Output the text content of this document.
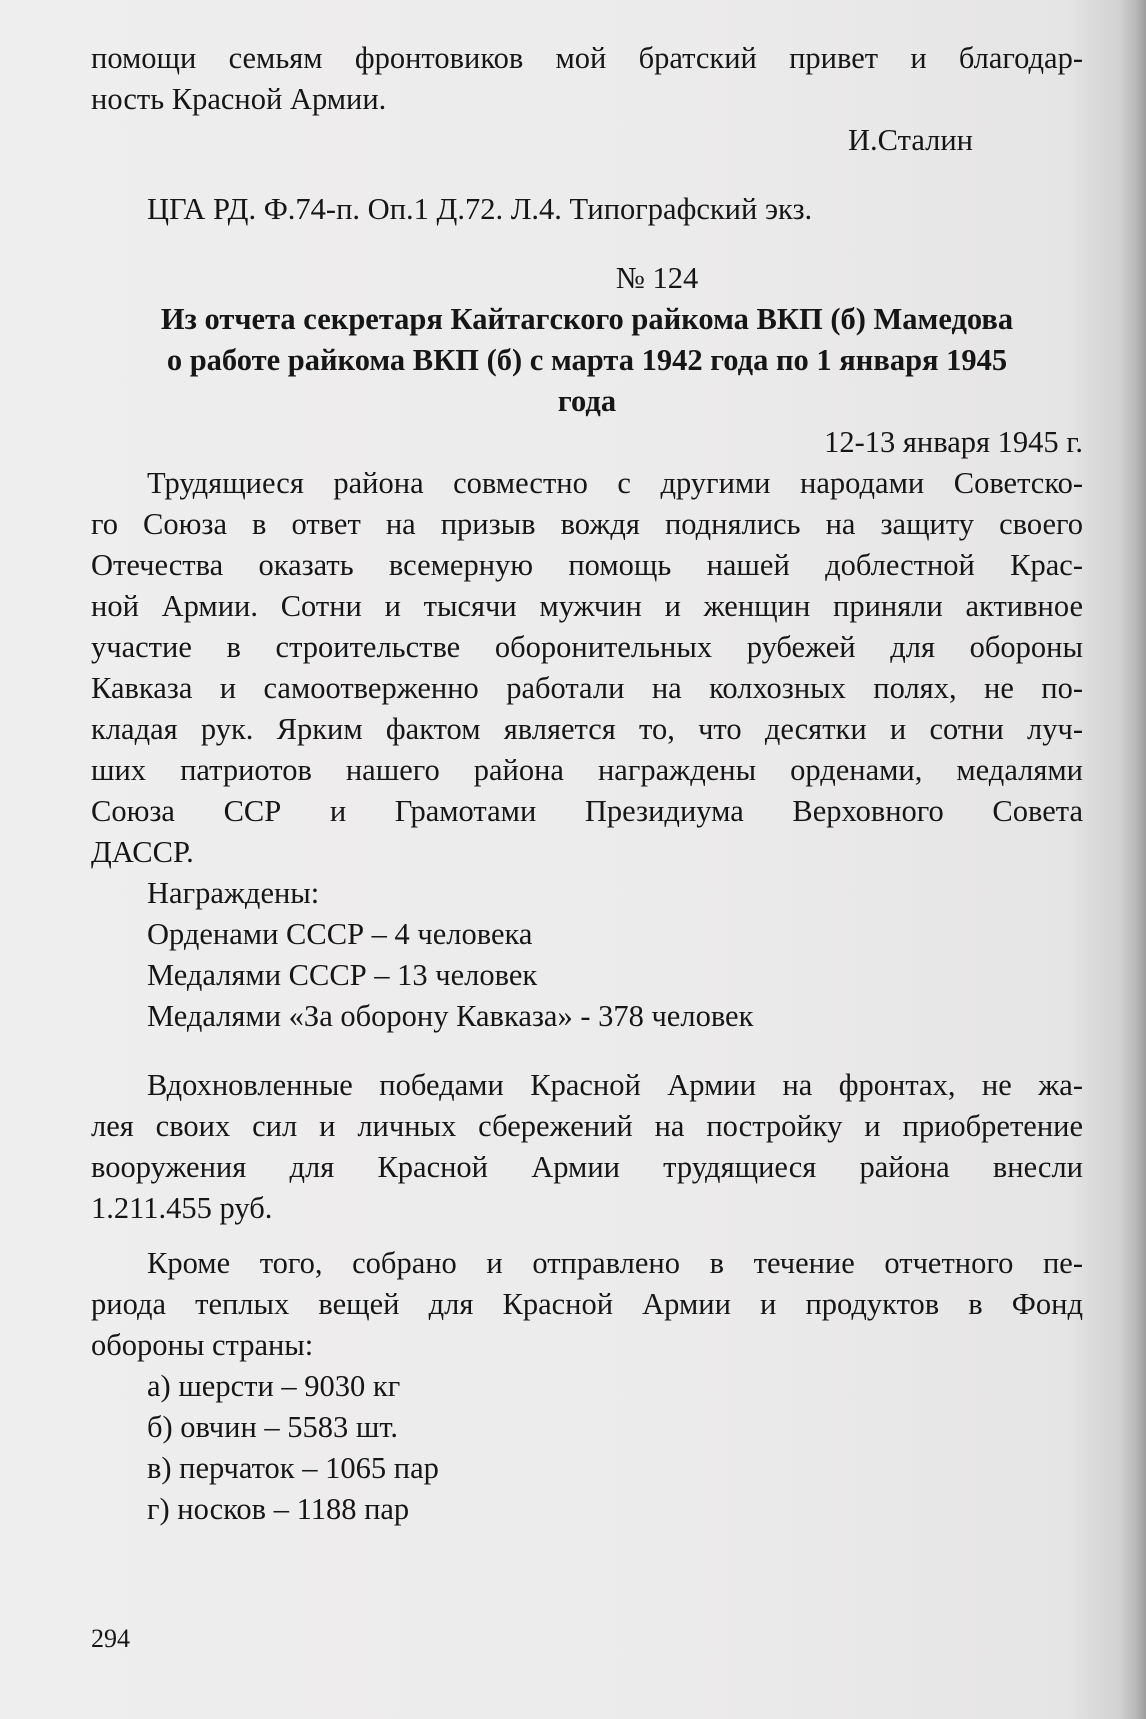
помощи семьям фронтовиков мой братский привет и благодар-
ность Красной Армии.
И.Сталин
ЦГА РД. Ф.74-п. Оп.1 Д.72. Л.4. Типографский экз.
№ 124
Из отчета секретаря Кайтагского райкома ВКП (б) Мамедова
о работе райкома ВКП (б) с марта 1942 года по 1 января 1945
года
12-13 января 1945 г.
Трудящиеся района совместно с другими народами Советско-
го Союза в ответ на призыв вождя поднялись на защиту своего
Отечества оказать всемерную помощь нашей доблестной Крас-
ной Армии. Сотни и тысячи мужчин и женщин приняли активное
участие в строительстве оборонительных рубежей для обороны
Кавказа и самоотверженно работали на колхозных полях, не по-
кладая рук. Ярким фактом является то, что десятки и сотни луч-
ших патриотов нашего района награждены орденами, медалями
Союза ССР и Грамотами Президиума Верховного Совета
ДАССР.
Награждены:
Орденами СССР – 4 человека
Медалями СССР – 13 человек
Медалями «За оборону Кавказа» - 378 человек
Вдохновленные победами Красной Армии на фронтах, не жа-
лея своих сил и личных сбережений на постройку и приобретение
вооружения для Красной Армии трудящиеся района внесли
1.211.455 руб.
Кроме того, собрано и отправлено в течение отчетного пе-
риода теплых вещей для Красной Армии и продуктов в Фонд
обороны страны:
а) шерсти – 9030 кг
б) овчин – 5583 шт.
в) перчаток – 1065 пар
г) носков – 1188 пар
294
